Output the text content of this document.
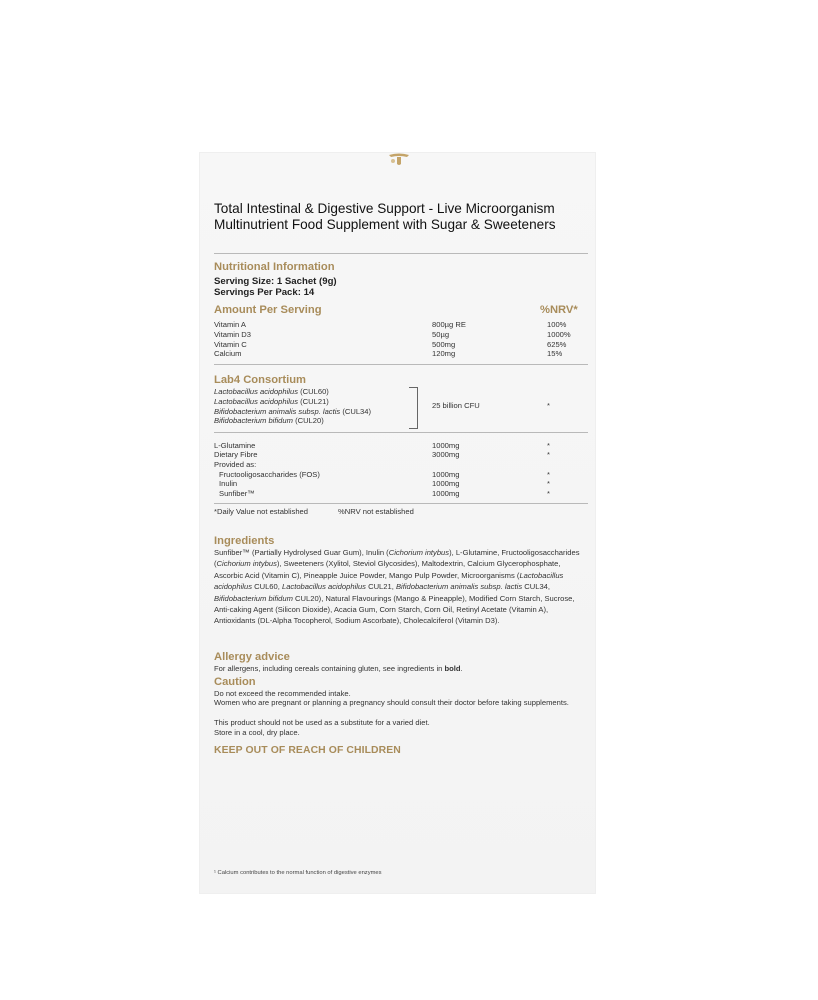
Total Intestinal & Digestive Support - Live Microorganism Multinutrient Food Supplement with Sugar & Sweeteners
Nutritional Information
Serving Size: 1 Sachet (9g)
Servings Per Pack: 14
Amount Per Serving	%NRV*
Vitamin A	800µg RE	100%
Vitamin D3	50µg	1000%
Vitamin C	500mg	625%
Calcium	120mg	15%
Lab4 Consortium
Lactobacillus acidophilus (CUL60)
Lactobacillus acidophilus (CUL21)
Bifidobacterium animalis subsp. lactis (CUL34)
Bifidobacterium bifidum (CUL20)
25 billion CFU	*
L-Glutamine	1000mg	*
Dietary Fibre	3000mg	*
Provided as:
Fructooligosaccharides (FOS)	1000mg	*
Inulin	1000mg	*
Sunfiber™	1000mg	*
*Daily Value not established	%NRV not established
Ingredients
Sunfiber™ (Partially Hydrolysed Guar Gum), Inulin (Cichorium intybus), L-Glutamine, Fructooligosaccharides (Cichorium intybus), Sweeteners (Xylitol, Steviol Glycosides), Maltodextrin, Calcium Glycerophosphate, Ascorbic Acid (Vitamin C), Pineapple Juice Powder, Mango Pulp Powder, Microorganisms (Lactobacillus acidophilus CUL60, Lactobacillus acidophilus CUL21, Bifidobacterium animalis subsp. lactis CUL34, Bifidobacterium bifidum CUL20), Natural Flavourings (Mango & Pineapple), Modified Corn Starch, Sucrose, Anti-caking Agent (Silicon Dioxide), Acacia Gum, Corn Starch, Corn Oil, Retinyl Acetate (Vitamin A), Antioxidants (DL-Alpha Tocopherol, Sodium Ascorbate), Cholecalciferol (Vitamin D3).
Allergy advice
For allergens, including cereals containing gluten, see ingredients in bold.
Caution
Do not exceed the recommended intake.
Women who are pregnant or planning a pregnancy should consult their doctor before taking supplements.
This product should not be used as a substitute for a varied diet.
Store in a cool, dry place.
KEEP OUT OF REACH OF CHILDREN
¹ Calcium contributes to the normal function of digestive enzymes
